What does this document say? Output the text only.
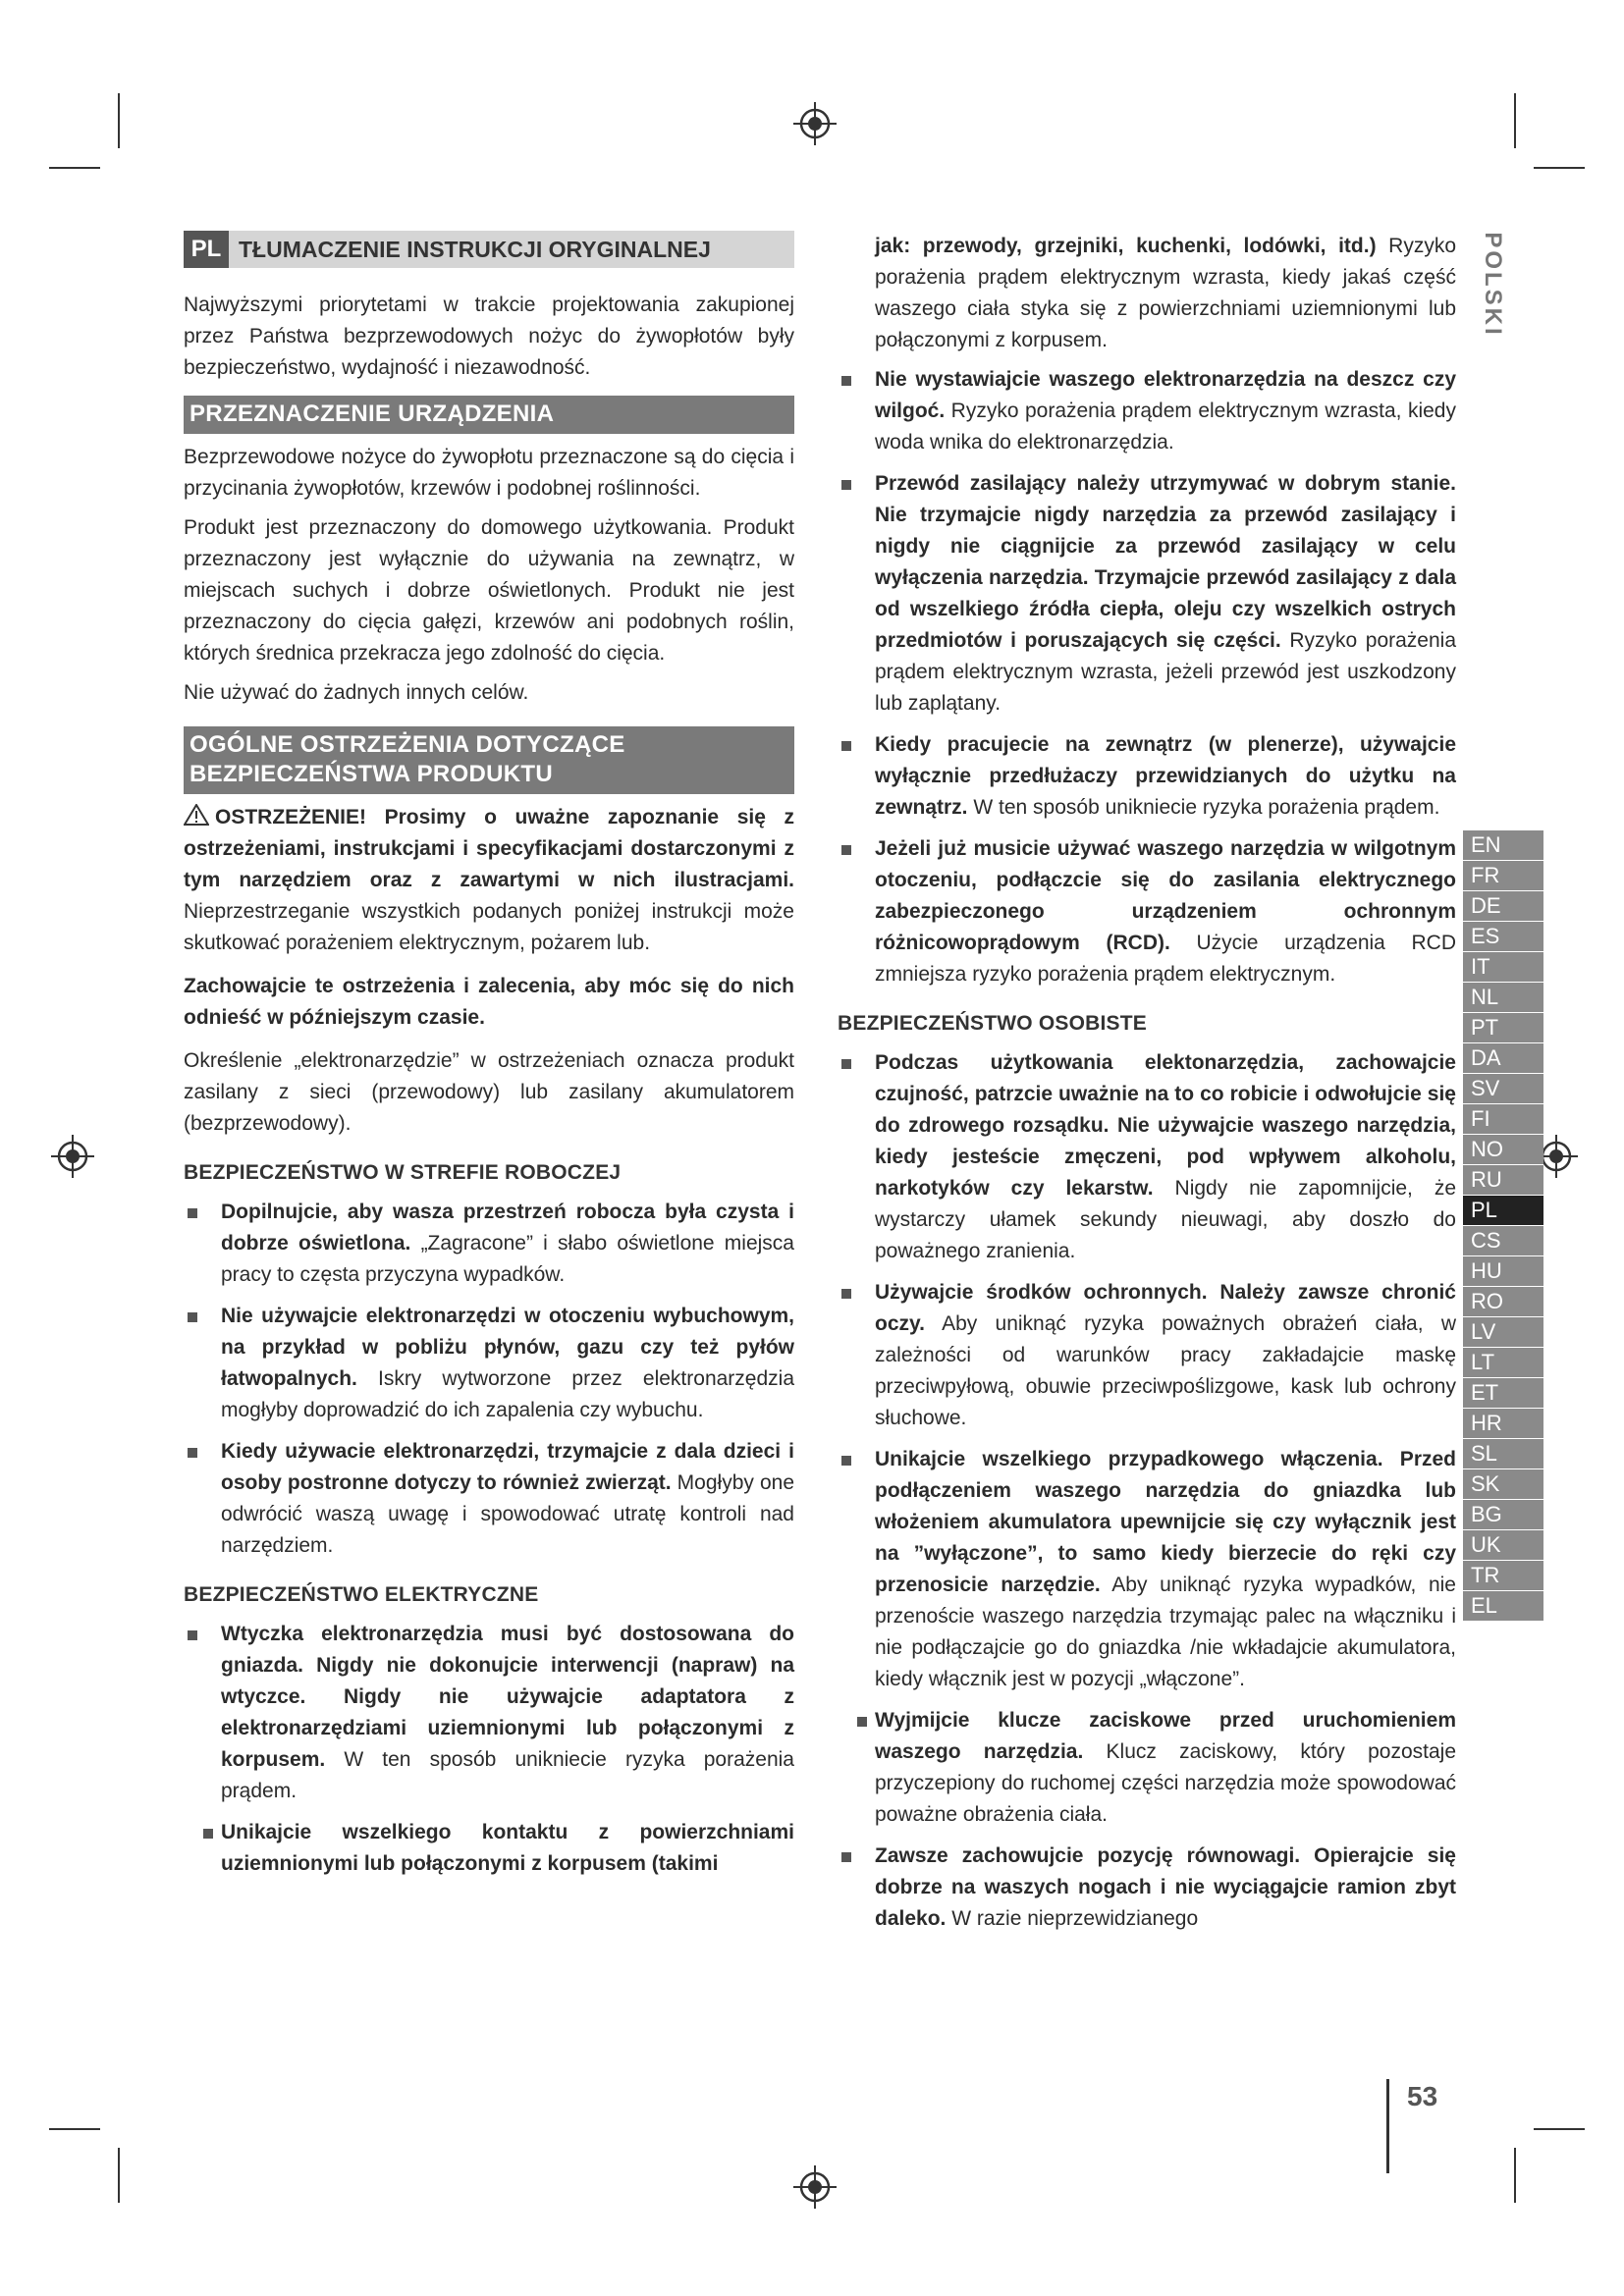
PL TŁUMACZENIE INSTRUKCJI ORYGINALNEJ

Najwyższymi priorytetami w trakcie projektowania zakupionej przez Państwa bezprzewodowych nożyc do żywopłotów były bezpieczeństwo, wydajność i niezawodność.

PRZEZNACZENIE URZĄDZENIA

Bezprzewodowe nożyce do żywopłotu przeznaczone są do cięcia i przycinania żywopłotów, krzewów i podobnej roślinności.

Produkt jest przeznaczony do domowego użytkowania. Produkt przeznaczony jest wyłącznie do używania na zewnątrz, w miejscach suchych i dobrze oświetlonych. Produkt nie jest przeznaczony do cięcia gałęzi, krzewów ani podobnych roślin, których średnica przekracza jego zdolność do cięcia.

Nie używać do żadnych innych celów.

OGÓLNE OSTRZEŻENIA DOTYCZĄCE
BEZPIECZEŃSTWA PRODUKTU

OSTRZEŻENIE! Prosimy o uważne zapoznanie się z ostrzeżeniami, instrukcjami i specyfikacjami dostarczonymi z tym narzędziem oraz z zawartymi w nich ilustracjami. Nieprzestrzeganie wszystkich podanych poniżej instrukcji może skutkować porażeniem elektrycznym, pożarem lub.

Zachowajcie te ostrzeżenia i zalecenia, aby móc się do nich odnieść w późniejszym czasie.

Określenie „elektronarzędzie” w ostrzeżeniach oznacza produkt zasilany z sieci (przewodowy) lub zasilany akumulatorem (bezprzewodowy).

BEZPIECZEŃSTWO W STREFIE ROBOCZEJ
Dopilnujcie, aby wasza przestrzeń robocza była czysta i dobrze oświetlona. „Zagracone” i słabo oświetlone miejsca pracy to częsta przyczyna wypadków.
Nie używajcie elektronarzędzi w otoczeniu wybuchowym, na przykład w pobliżu płynów, gazu czy też pyłów łatwopalnych. Iskry wytworzone przez elektronarzędzia mogłyby doprowadzić do ich zapalenia czy wybuchu.
Kiedy używacie elektronarzędzi, trzymajcie z dala dzieci i osoby postronne dotyczy to również zwierząt. Mogłyby one odwrócić waszą uwagę i spowodować utratę kontroli nad narzędziem.
BEZPIECZEŃSTWO ELEKTRYCZNE
Wtyczka elektronarzędzia musi być dostosowana do gniazda. Nigdy nie dokonujcie interwencji (napraw) na wtyczce. Nigdy nie używajcie adaptatora z elektronarzędziami uziemnionymi lub połączonymi z korpusem. W ten sposób unikniecie ryzyka porażenia prądem.
Unikajcie wszelkiego kontaktu z powierzchniami uziemnionymi lub połączonymi z korpusem (takimi

jak: przewody, grzejniki, kuchenki, lodówki, itd.) Ryzyko porażenia prądem elektrycznym wzrasta, kiedy jakaś część waszego ciała styka się z powierzchniami uziemnionymi lub połączonymi z korpusem.

Nie wystawiajcie waszego elektronarzędzia na deszcz czy wilgoć. Ryzyko porażenia prądem elektrycznym wzrasta, kiedy woda wnika do elektronarzędzia.
Przewód zasilający należy utrzymywać w dobrym stanie. Nie trzymajcie nigdy narzędzia za przewód zasilający i nigdy nie ciągnijcie za przewód zasilający w celu wyłączenia narzędzia. Trzymajcie przewód zasilający z dala od wszelkiego źródła ciepła, oleju czy wszelkich ostrych przedmiotów i poruszających się części. Ryzyko porażenia prądem elektrycznym wzrasta, jeżeli przewód jest uszkodzony lub zaplątany.
Kiedy pracujecie na zewnątrz (w plenerze), używajcie wyłącznie przedłużaczy przewidzianych do użytku na zewnątrz. W ten sposób unikniecie ryzyka porażenia prądem.
Jeżeli już musicie używać waszego narzędzia w wilgotnym otoczeniu, podłączcie się do zasilania elektrycznego zabezpieczonego urządzeniem ochronnym różnicowoprądowym (RCD). Użycie urządzenia RCD zmniejsza ryzyko porażenia prądem elektrycznym.
BEZPIECZEŃSTWO OSOBISTE
Podczas użytkowania elektonarzędzia, zachowajcie czujność, patrzcie uważnie na to co robicie i odwołujcie się do zdrowego rozsądku. Nie używajcie waszego narzędzia, kiedy jesteście zmęczeni, pod wpływem alkoholu, narkotyków czy lekarstw. Nigdy nie zapomnijcie, że wystarczy ułamek sekundy nieuwagi, aby doszło do poważnego zranienia.
Używajcie środków ochronnych. Należy zawsze chronić oczy. Aby uniknąć ryzyka poważnych obrażeń ciała, w zależności od warunków pracy zakładajcie maskę przeciwpyłową, obuwie przeciwpoślizgowe, kask lub ochrony słuchowe.
Unikajcie wszelkiego przypadkowego włączenia. Przed podłączeniem waszego narzędzia do gniazdka lub włożeniem akumulatora upewnijcie się czy wyłącznik jest na ”wyłączone”, to samo kiedy bierzecie do ręki czy przenosicie narzędzie. Aby uniknąć ryzyka wypadków, nie przenoście waszego narzędzia trzymając palec na włączniku i nie podłączajcie go do gniazdka /nie wkładajcie akumulatora, kiedy włącznik jest w pozycji „włączone”.
Wyjmijcie klucze zaciskowe przed uruchomieniem waszego narzędzia. Klucz zaciskowy, który pozostaje przyczepiony do ruchomej części narzędzia może spowodować poważne obrażenia ciała.
Zawsze zachowujcie pozycję równowagi. Opierajcie się dobrze na waszych nogach i nie wyciągajcie ramion zbyt daleko. W razie nieprzewidzianego
POLSKI
EN
FR
DE
ES
IT
NL
PT
DA
SV
FI
NO
RU
PL
CS
HU
RO
LV
LT
ET
HR
SL
SK
BG
UK
TR
EL
53
